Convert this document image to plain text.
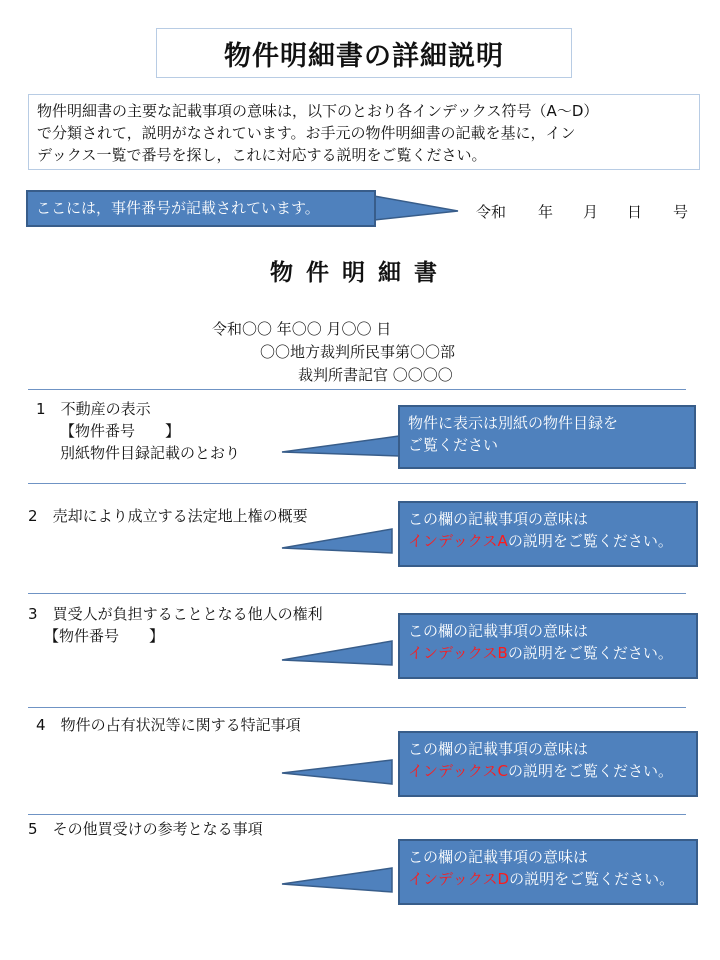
物件明細書の詳細説明
物件明細書の主要な記載事項の意味は，以下のとおり各インデックス符号（A～D）
で分類されて，説明がなされています。お手元の物件明細書の記載を基に，イン
デックス一覧で番号を探し，これに対応する説明をご覧ください。
ここには，事件番号が記載されています。	令和 年 月 日 号
物件明細書
令和〇〇 年〇〇 月〇〇 日
〇〇地方裁判所民事第〇〇部
裁判所書記官 〇〇〇〇
1　 不動産の表示
【物件番号　　】
別紙物件目録記載のとおり
物件に表示は別紙の物件目録を
ご覧ください
2　 売却により成立する法定地上権の概要	この欄の記載事項の意味は
インデックスAの説明をご覧ください。
3　 買受人が負担することとなる他人の権利
【物件番号　　】	この欄の記載事項の意味は
インデックスBの説明をご覧ください。
4　 物件の占有状況等に関する特記事項
この欄の記載事項の意味は
インデックスCの説明をご覧ください。
5　 その他買受けの参考となる事項
この欄の記載事項の意味は
インデックスDの説明をご覧ください。
